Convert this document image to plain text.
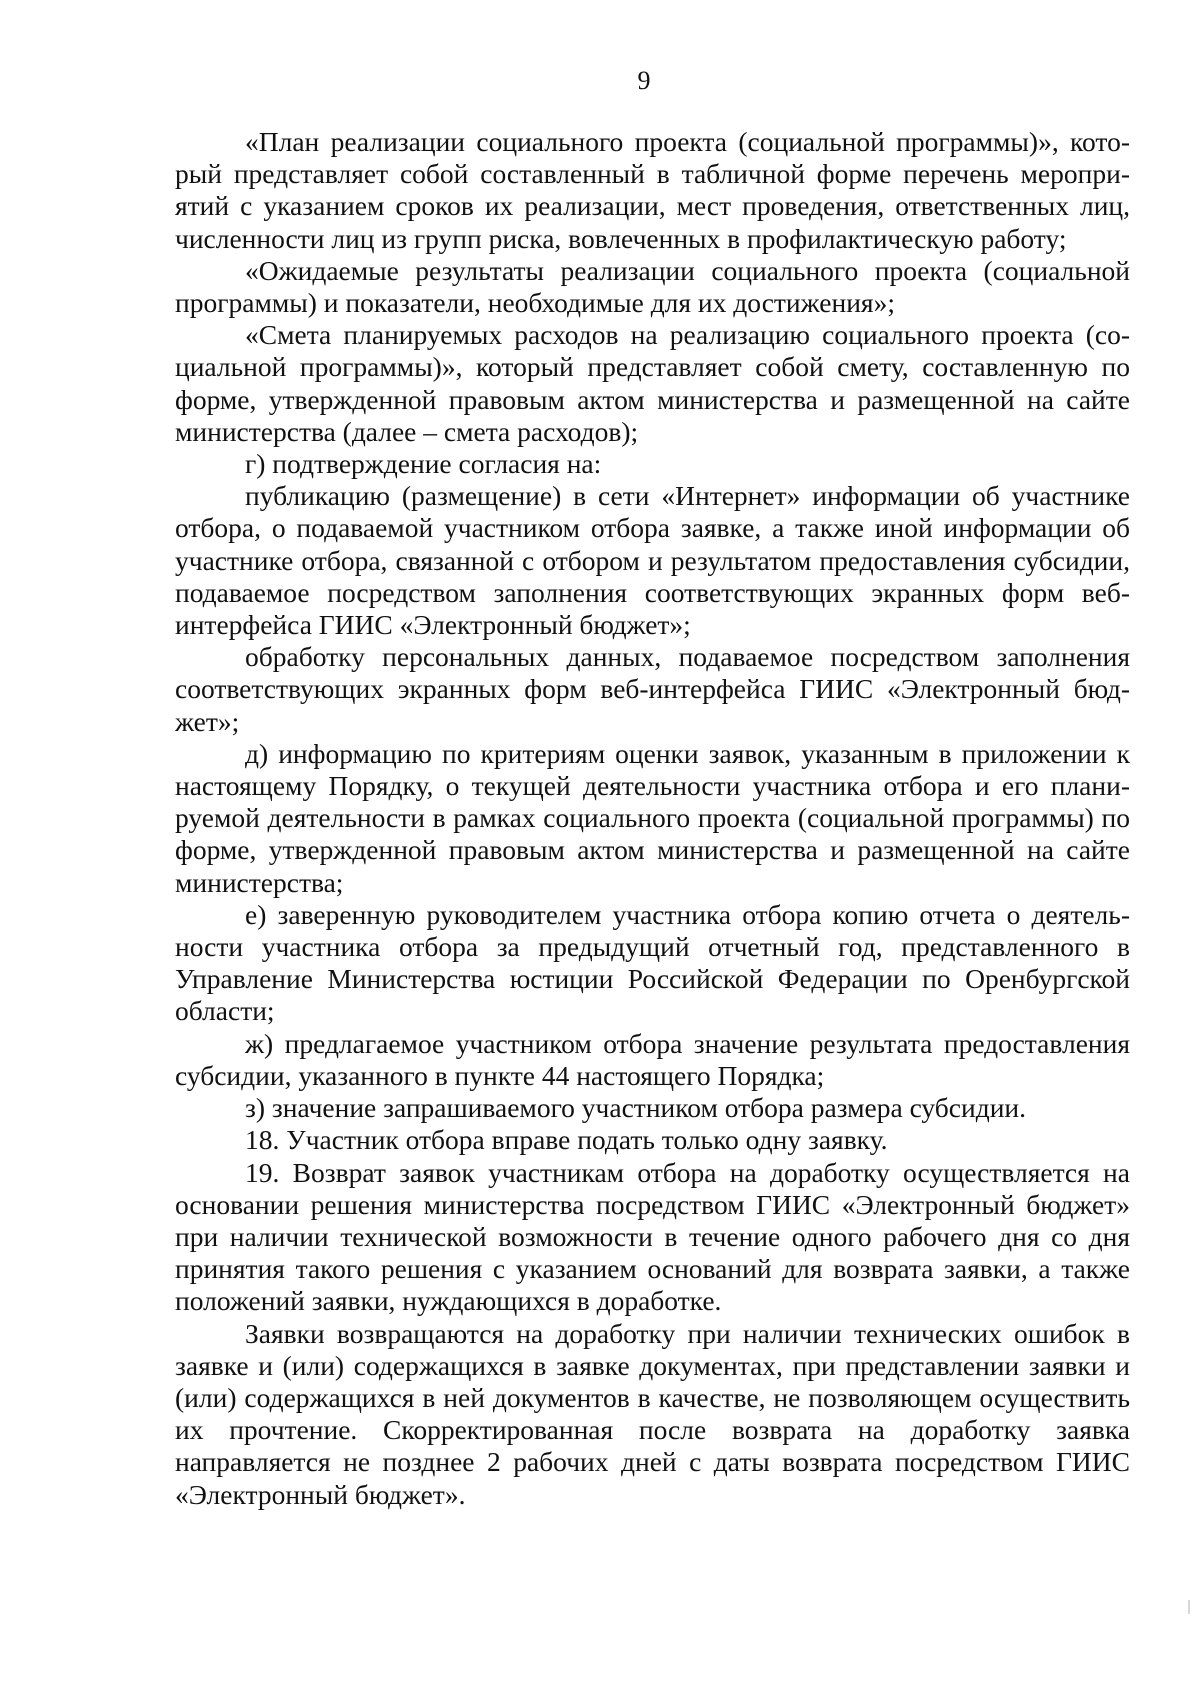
9

«План реализации социального проекта (социальной программы)», который представляет собой составленный в табличной форме перечень мероприятий с указанием сроков их реализации, мест проведения, ответственных лиц, численности лиц из групп риска, вовлеченных в профилактическую работу;

«Ожидаемые результаты реализации социального проекта (социальной программы) и показатели, необходимые для их достижения»;

«Смета планируемых расходов на реализацию социального проекта (социальной программы)», который представляет собой смету, составленную по форме, утвержденной правовым актом министерства и размещенной на сайте министерства (далее – смета расходов);

г) подтверждение согласия на:

публикацию (размещение) в сети «Интернет» информации об участнике отбора, о подаваемой участником отбора заявке, а также иной информации об участнике отбора, связанной с отбором и результатом предоставления субсидии, подаваемое посредством заполнения соответствующих экранных форм веб-интерфейса ГИИС «Электронный бюджет»;

обработку персональных данных, подаваемое посредством заполнения соответствующих экранных форм веб-интерфейса ГИИС «Электронный бюджет»;

д) информацию по критериям оценки заявок, указанным в приложении к настоящему Порядку, о текущей деятельности участника отбора и его планируемой деятельности в рамках социального проекта (социальной программы) по форме, утвержденной правовым актом министерства и размещенной на сайте министерства;

е) заверенную руководителем участника отбора копию отчета о деятельности участника отбора за предыдущий отчетный год, представленного в Управление Министерства юстиции Российской Федерации по Оренбургской области;

ж) предлагаемое участником отбора значение результата предоставления субсидии, указанного в пункте 44 настоящего Порядка;

з) значение запрашиваемого участником отбора размера субсидии.

18. Участник отбора вправе подать только одну заявку.

19. Возврат заявок участникам отбора на доработку осуществляется на основании решения министерства посредством ГИИС «Электронный бюджет» при наличии технической возможности в течение одного рабочего дня со дня принятия такого решения с указанием оснований для возврата заявки, а также положений заявки, нуждающихся в доработке.

Заявки возвращаются на доработку при наличии технических ошибок в заявке и (или) содержащихся в заявке документах, при представлении заявки и (или) содержащихся в ней документов в качестве, не позволяющем осуществить их прочтение. Скорректированная после возврата на доработку заявка направляется не позднее 2 рабочих дней с даты возврата посредством ГИИС «Электронный бюджет».
